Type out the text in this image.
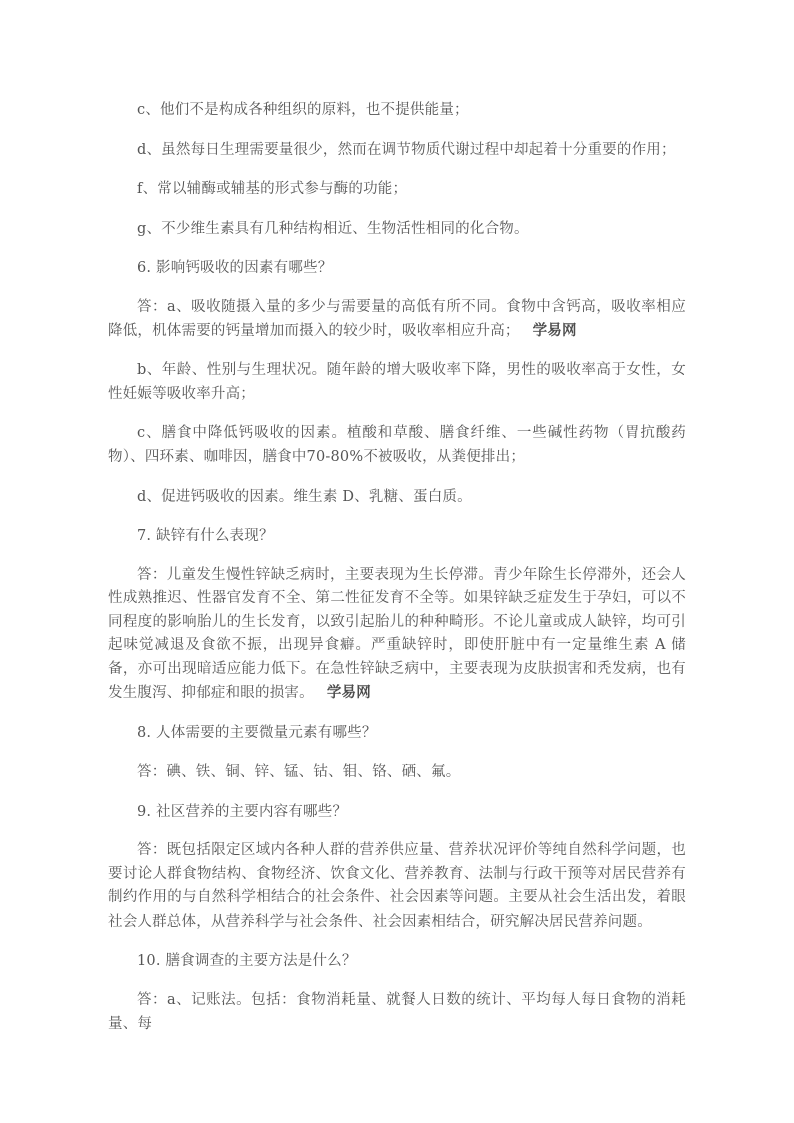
c、他们不是构成各种组织的原料，也不提供能量；

d、虽然每日生理需要量很少，然而在调节物质代谢过程中却起着十分重要的作用；

f、常以辅酶或辅基的形式参与酶的功能；

g、不少维生素具有几种结构相近、生物活性相同的化合物。

6. 影响钙吸收的因素有哪些？

答：a、吸收随摄入量的多少与需要量的高低有所不同。食物中含钙高，吸收率相应降低，机体需要的钙量增加而摄入的较少时，吸收率相应升高； 学易网

b、年龄、性别与生理状况。随年龄的增大吸收率下降，男性的吸收率高于女性，女性妊娠等吸收率升高；

c、膳食中降低钙吸收的因素。植酸和草酸、膳食纤维、一些碱性药物（胃抗酸药物）、四环素、咖啡因，膳食中70-80%不被吸收，从粪便排出；

d、促进钙吸收的因素。维生素 D、乳糖、蛋白质。

7. 缺锌有什么表现？

答：儿童发生慢性锌缺乏病时，主要表现为生长停滞。青少年除生长停滞外，还会人性成熟推迟、性器官发育不全、第二性征发育不全等。如果锌缺乏症发生于孕妇，可以不同程度的影响胎儿的生长发育，以致引起胎儿的种种畸形。不论儿童或成人缺锌，均可引起味觉减退及食欲不振，出现异食癖。严重缺锌时，即使肝脏中有一定量维生素 A 储备，亦可出现暗适应能力低下。在急性锌缺乏病中，主要表现为皮肤损害和秃发病，也有发生腹泻、抑郁症和眼的损害。 学易网

8. 人体需要的主要微量元素有哪些？

答：碘、铁、铜、锌、锰、钴、钼、铬、硒、氟。

9. 社区营养的主要内容有哪些？

答：既包括限定区域内各种人群的营养供应量、营养状况评价等纯自然科学问题，也要讨论人群食物结构、食物经济、饮食文化、营养教育、法制与行政干预等对居民营养有制约作用的与自然科学相结合的社会条件、社会因素等问题。主要从社会生活出发，着眼社会人群总体，从营养科学与社会条件、社会因素相结合，研究解决居民营养问题。

10. 膳食调查的主要方法是什么？

答：a、记账法。包括：食物消耗量、就餐人日数的统计、平均每人每日食物的消耗量、每
